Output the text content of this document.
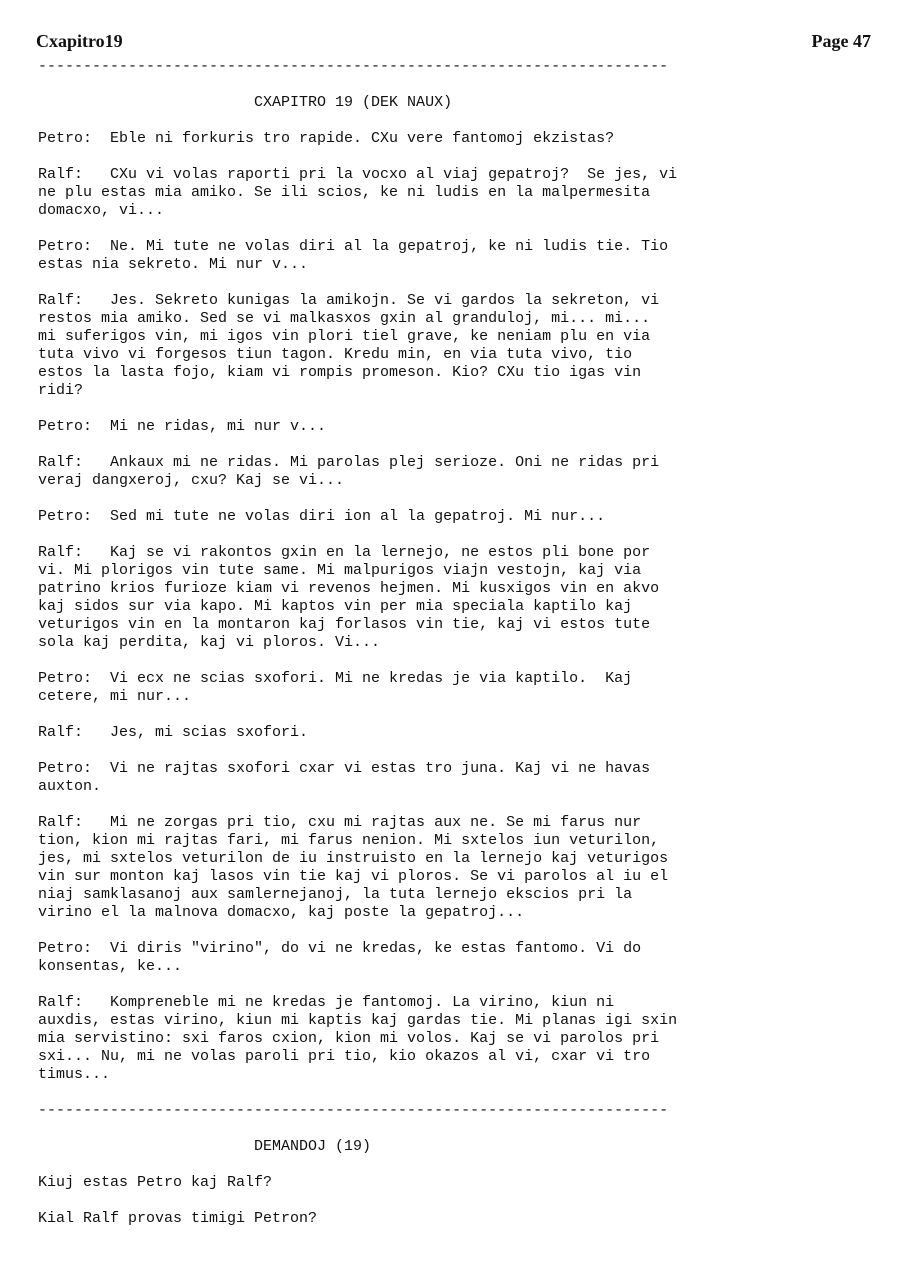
Cxapitro19	Page 47
----------------------------------------------------------------------
CXAPITRO 19 (DEK NAUX)
Petro:  Eble ni forkuris tro rapide. CXu vere fantomoj ekzistas?
Ralf:   CXu vi volas raporti pri la vocxo al viaj gepatroj?  Se jes, vi
ne plu estas mia amiko. Se ili scios, ke ni ludis en la malpermesita
domacxo, vi...
Petro:  Ne. Mi tute ne volas diri al la gepatroj, ke ni ludis tie. Tio
estas nia sekreto. Mi nur v...
Ralf:   Jes. Sekreto kunigas la amikojn. Se vi gardos la sekreton, vi
restos mia amiko. Sed se vi malkasxos gxin al granduloj, mi... mi...
mi suferigos vin, mi igos vin plori tiel grave, ke neniam plu en via
tuta vivo vi forgesos tiun tagon. Kredu min, en via tuta vivo, tio
estos la lasta fojo, kiam vi rompis promeson. Kio? CXu tio igas vin
ridi?
Petro:  Mi ne ridas, mi nur v...
Ralf:   Ankaux mi ne ridas. Mi parolas plej serioze. Oni ne ridas pri
veraj dangxeroj, cxu? Kaj se vi...
Petro:  Sed mi tute ne volas diri ion al la gepatroj. Mi nur...
Ralf:   Kaj se vi rakontos gxin en la lernejo, ne estos pli bone por
vi. Mi plorigos vin tute same. Mi malpurigos viajn vestojn, kaj via
patrino krios furioze kiam vi revenos hejmen. Mi kusxigos vin en akvo
kaj sidos sur via kapo. Mi kaptos vin per mia speciala kaptilo kaj
veturigos vin en la montaron kaj forlasos vin tie, kaj vi estos tute
sola kaj perdita, kaj vi ploros. Vi...
Petro:  Vi ecx ne scias sxofori. Mi ne kredas je via kaptilo.  Kaj
cetere, mi nur...
Ralf:   Jes, mi scias sxofori.
Petro:  Vi ne rajtas sxofori cxar vi estas tro juna. Kaj vi ne havas
auxton.
Ralf:   Mi ne zorgas pri tio, cxu mi rajtas aux ne. Se mi farus nur
tion, kion mi rajtas fari, mi farus nenion. Mi sxtelos iun veturilon,
jes, mi sxtelos veturilon de iu instruisto en la lernejo kaj veturigos
vin sur monton kaj lasos vin tie kaj vi ploros. Se vi parolos al iu el
niaj samklasanoj aux samlernejanoj, la tuta lernejo ekscios pri la
virino el la malnova domacxo, kaj poste la gepatroj...
Petro:  Vi diris "virino", do vi ne kredas, ke estas fantomo. Vi do
konsentas, ke...
Ralf:   Kompreneble mi ne kredas je fantomoj. La virino, kiun ni
auxdis, estas virino, kiun mi kaptis kaj gardas tie. Mi planas igi sxin
mia servistino: sxi faros cxion, kion mi volos. Kaj se vi parolos pri
sxi... Nu, mi ne volas paroli pri tio, kio okazos al vi, cxar vi tro
timus...
----------------------------------------------------------------------
DEMANDOJ (19)
Kiuj estas Petro kaj Ralf?
Kial Ralf provas timigi Petron?
